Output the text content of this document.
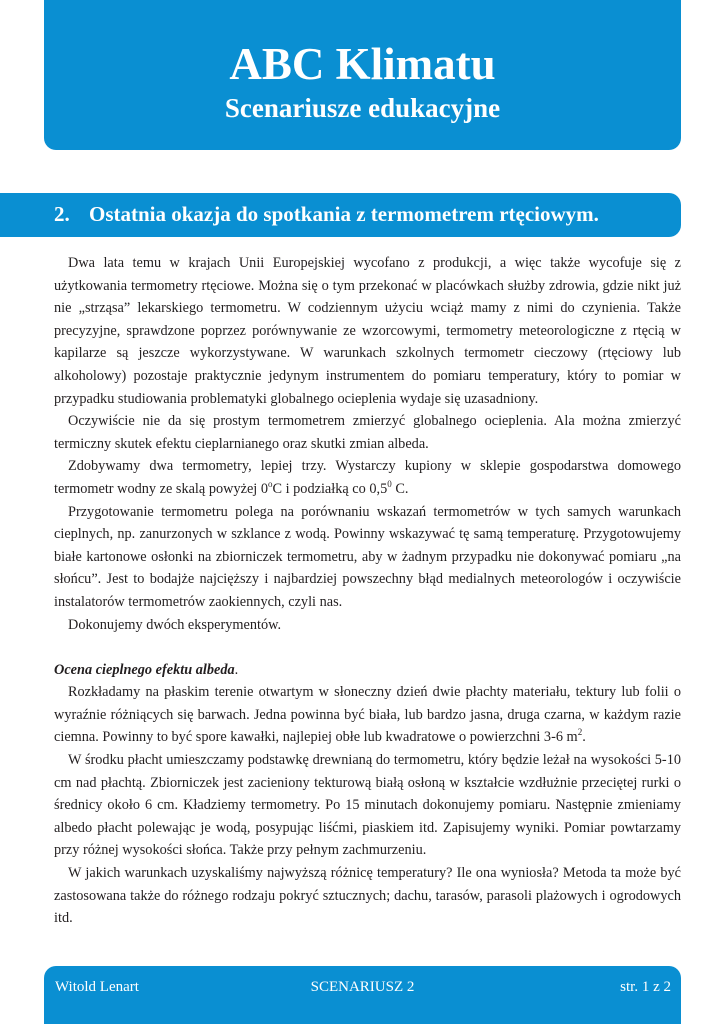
ABC Klimatu
Scenariusze edukacyjne
2. Ostatnia okazja do spotkania z termometrem rtęciowym.

Dwa lata temu w krajach Unii Europejskiej wycofano z produkcji, a więc także wycofuje się z użytkowania termometry rtęciowe. Można się o tym przekonać w placówkach służby zdrowia, gdzie nikt już nie „strząsa” lekarskiego termometru. W codziennym użyciu wciąż mamy z nimi do czynienia. Także precyzyjne, sprawdzone poprzez porównywanie ze wzorcowymi, termometry meteorologiczne z rtęcią w kapilarze są jeszcze wykorzystywane. W warunkach szkolnych termometr cieczowy (rtęciowy lub alkoholowy) pozostaje praktycznie jedynym instrumentem do pomiaru temperatury, który to pomiar w przypadku studiowania problematyki globalnego ocieplenia wydaje się uzasadniony.

Oczywiście nie da się prostym termometrem zmierzyć globalnego ocieplenia. Ala można zmierzyć termiczny skutek efektu cieplarnianego oraz skutki zmian albeda.

Zdobywamy dwa termometry, lepiej trzy. Wystarczy kupiony w sklepie gospodarstwa domowego termometr wodny ze skalą powyżej 0$^o$C i podziałką co $0,5^0$ C.

Przygotowanie termometru polega na porównaniu wskazań termometrów w tych samych warunkach cieplnych, np. zanurzonych w szklance z wodą. Powinny wskazywać tę samą temperaturę. Przygotowujemy białe kartonowe osłonki na zbiorniczek termometru, aby w żadnym przypadku nie dokonywać pomiaru „na słońcu”. Jest to bodajże najcięższy i najbardziej powszechny błąd medialnych meteorologów i oczywiście instalatorów termometrów zaokiennych, czyli nas.

Dokonujemy dwóch eksperymentów.

Ocena cieplnego efektu albeda.

Rozkładamy na płaskim terenie otwartym w słoneczny dzień dwie płachty materiału, tektury lub folii o wyraźnie różniących się barwach. Jedna powinna być biała, lub bardzo jasna, druga czarna, w każdym razie ciemna. Powinny to być spore kawałki, najlepiej obłe lub kwadratowe o powierzchni 3-6 $m^2$.

W środku płacht umieszczamy podstawkę drewnianą do termometru, który będzie leżał na wysokości 5-10 cm nad płachtą. Zbiorniczek jest zacieniony tekturową białą osłoną w kształcie wzdłużnie przeciętej rurki o średnicy około 6 cm. Kładziemy termometry. Po 15 minutach dokonujemy pomiaru. Następnie zmieniamy albedo płacht polewając je wodą, posypując liśćmi, piaskiem itd. Zapisujemy wyniki. Pomiar powtarzamy przy różnej wysokości słońca. Także przy pełnym zachmurzeniu.

W jakich warunkach uzyskaliśmy najwyższą różnicę temperatury? Ile ona wyniosła? Metoda ta może być zastosowana także do różnego rodzaju pokryć sztucznych; dachu, tarasów, parasoli plażowych i ogrodowych itd.

SCENARIUSZ 2
Witold Lenart	str. 1 z 2
